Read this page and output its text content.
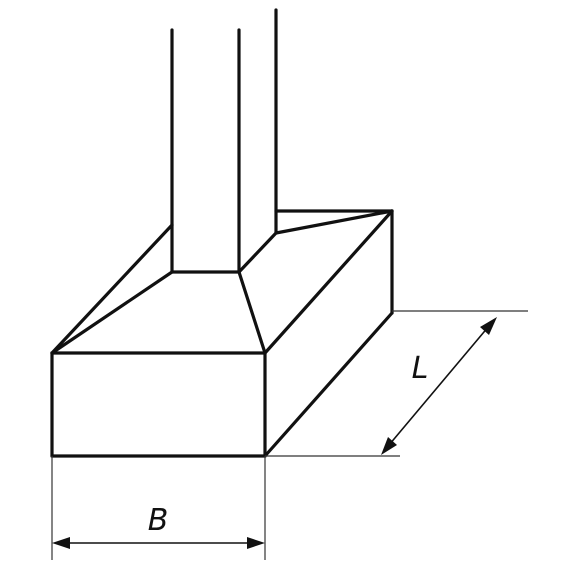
B
L
